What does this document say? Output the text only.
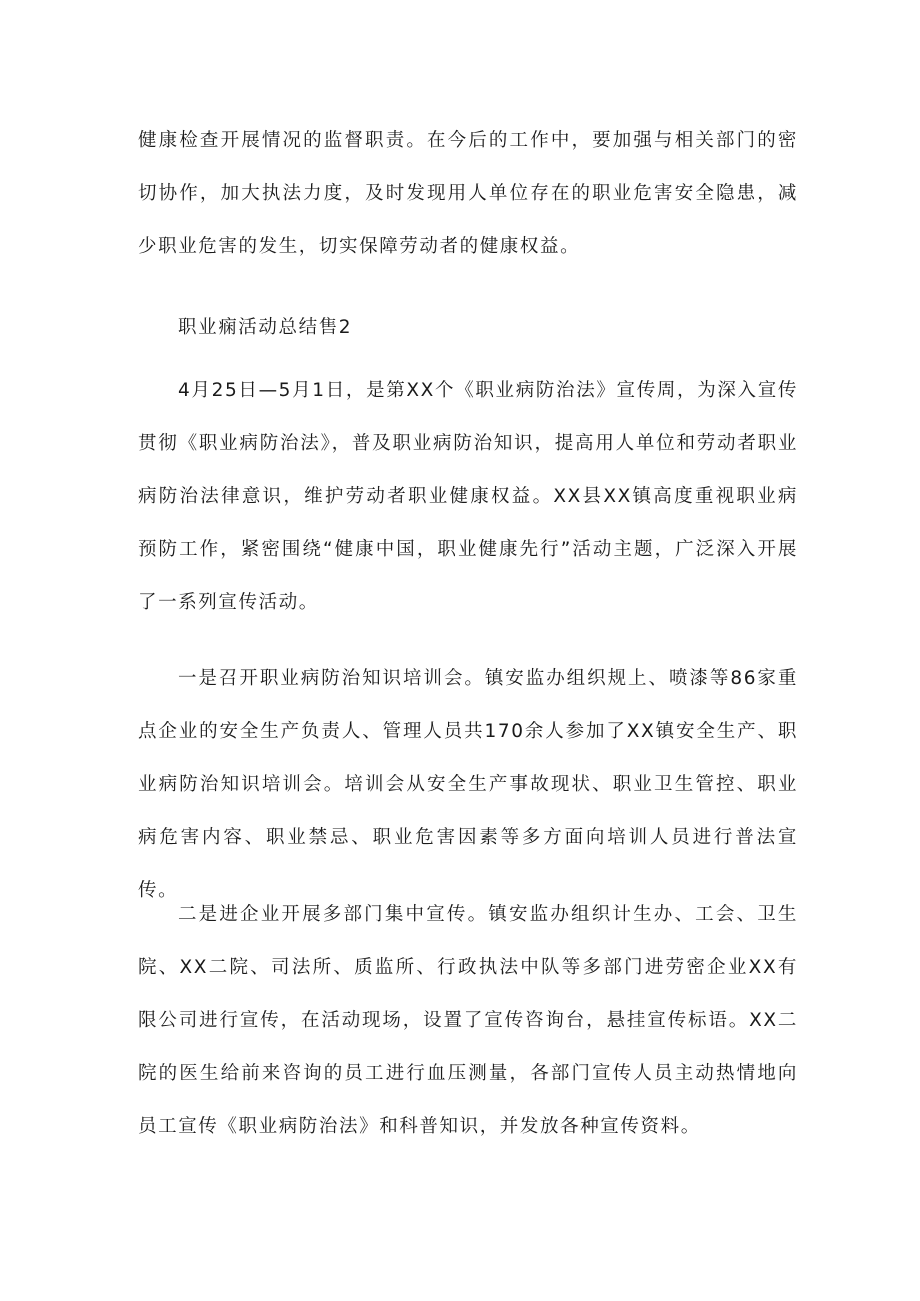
健康检查开展情况的监督职责。在今后的工作中，要加强与相关部门的密切协作，加大执法力度，及时发现用人单位存在的职业危害安全隐患，减少职业危害的发生，切实保障劳动者的健康权益。

职业痫活动总结售2

4月25日—5月1日，是第XX个《职业病防治法》宣传周，为深入宣传贯彻《职业病防治法》，普及职业病防治知识，提高用人单位和劳动者职业病防治法律意识，维护劳动者职业健康权益。XX县XX镇高度重视职业病预防工作，紧密围绕“健康中国，职业健康先行”活动主题，广泛深入开展了一系列宣传活动。

一是召开职业病防治知识培训会。镇安监办组织规上、喷漆等86家重点企业的安全生产负责人、管理人员共170余人参加了XX镇安全生产、职业病防治知识培训会。培训会从安全生产事故现状、职业卫生管控、职业病危害内容、职业禁忌、职业危害因素等多方面向培训人员进行普法宣传。

二是进企业开展多部门集中宣传。镇安监办组织计生办、工会、卫生院、XX二院、司法所、质监所、行政执法中队等多部门进劳密企业XX有限公司进行宣传，在活动现场，设置了宣传咨询台，悬挂宣传标语。XX二院的医生给前来咨询的员工进行血压测量，各部门宣传人员主动热情地向员工宣传《职业病防治法》和科普知识，并发放各种宣传资料。
